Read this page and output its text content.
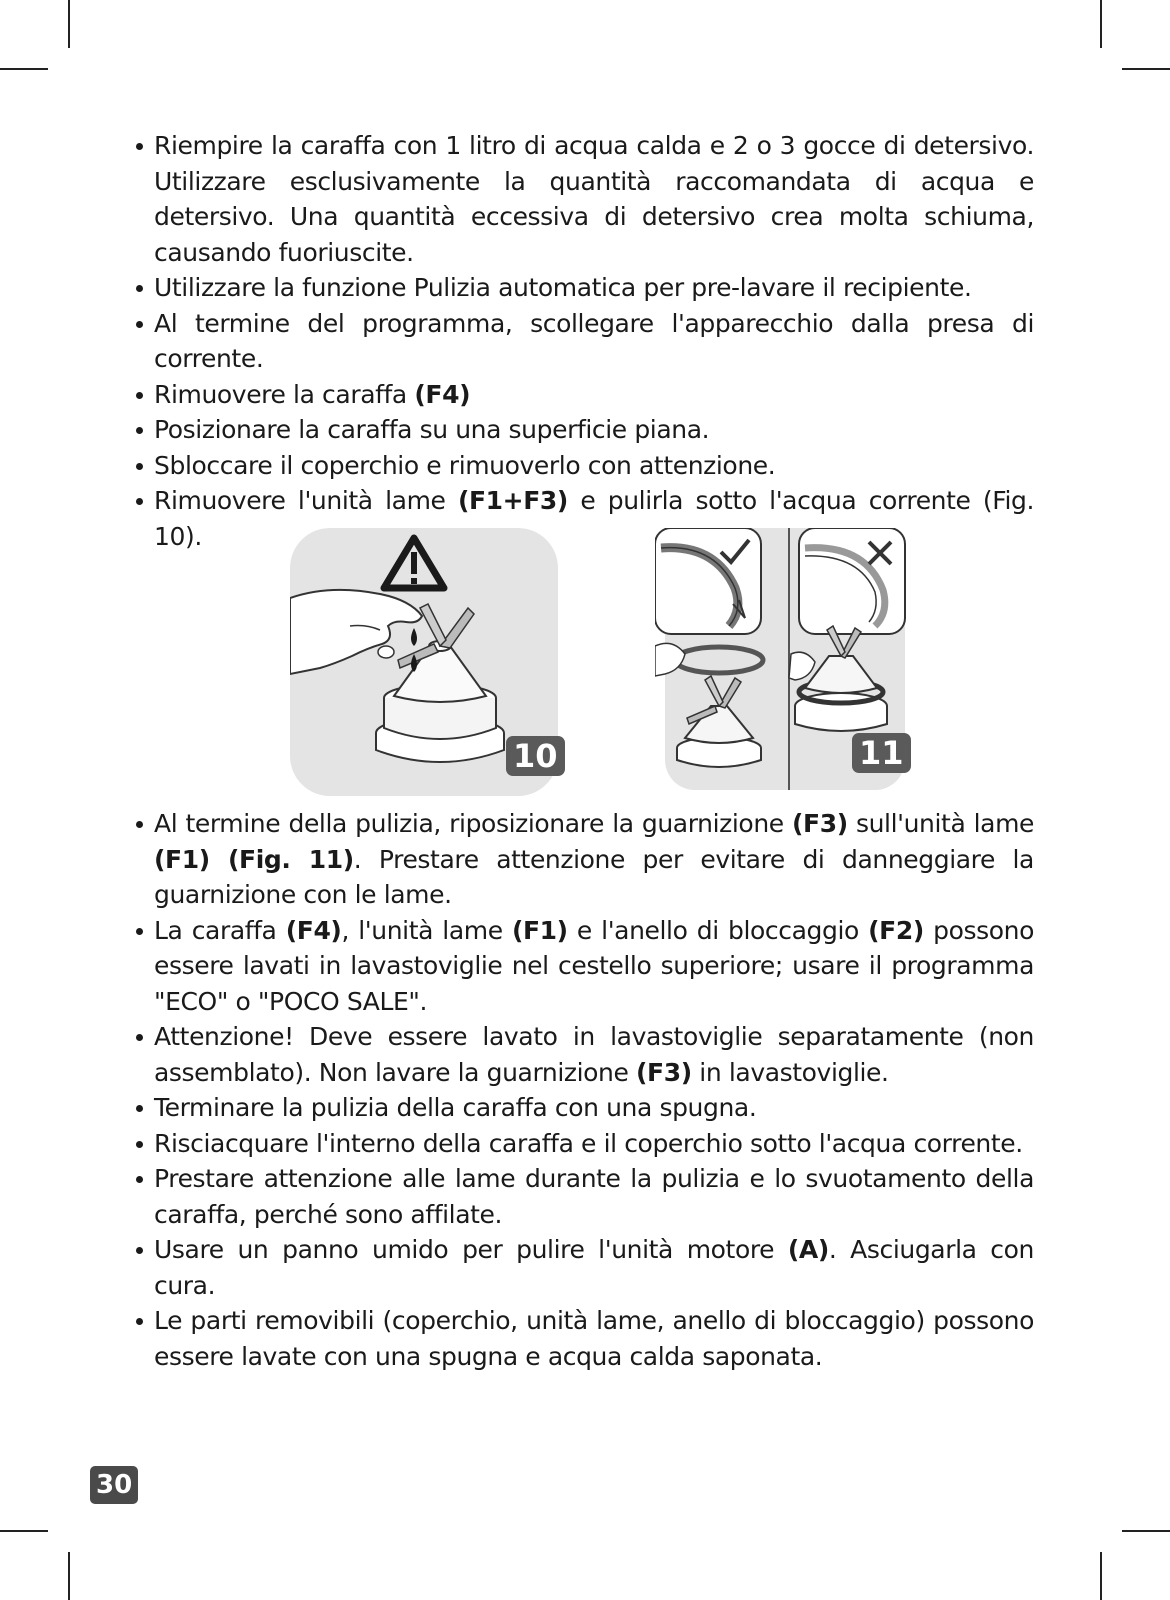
Riempire la caraffa con 1 litro di acqua calda e 2 o 3 gocce di detersivo. Utilizzare esclusivamente la quantità raccomandata di acqua e detersivo. Una quantità eccessiva di detersivo crea molta schiuma, causando fuoriuscite.
Utilizzare la funzione Pulizia automatica per pre-lavare il recipiente.
Al termine del programma, scollegare l'apparecchio dalla presa di corrente.
Rimuovere la caraffa (F4)
Posizionare la caraffa su una superficie piana.
Sbloccare il coperchio e rimuoverlo con attenzione.
Rimuovere l'unità lame (F1+F3) e pulirla sotto l'acqua corrente (Fig. 10).
10	11
Al termine della pulizia, riposizionare la guarnizione (F3) sull'unità lame (F1) (Fig. 11). Prestare attenzione per evitare di danneggiare la guarnizione con le lame.
La caraffa (F4), l'unità lame (F1) e l'anello di bloccaggio (F2) possono essere lavati in lavastoviglie nel cestello superiore; usare il programma "ECO" o "POCO SALE".
Attenzione! Deve essere lavato in lavastoviglie separatamente (non assemblato). Non lavare la guarnizione (F3) in lavastoviglie.
Terminare la pulizia della caraffa con una spugna.
Risciacquare l'interno della caraffa e il coperchio sotto l'acqua corrente.
Prestare attenzione alle lame durante la pulizia e lo svuotamento della caraffa, perché sono affilate.
Usare un panno umido per pulire l'unità motore (A). Asciugarla con cura.
Le parti removibili (coperchio, unità lame, anello di bloccaggio) possono essere lavate con una spugna e acqua calda saponata.
30
